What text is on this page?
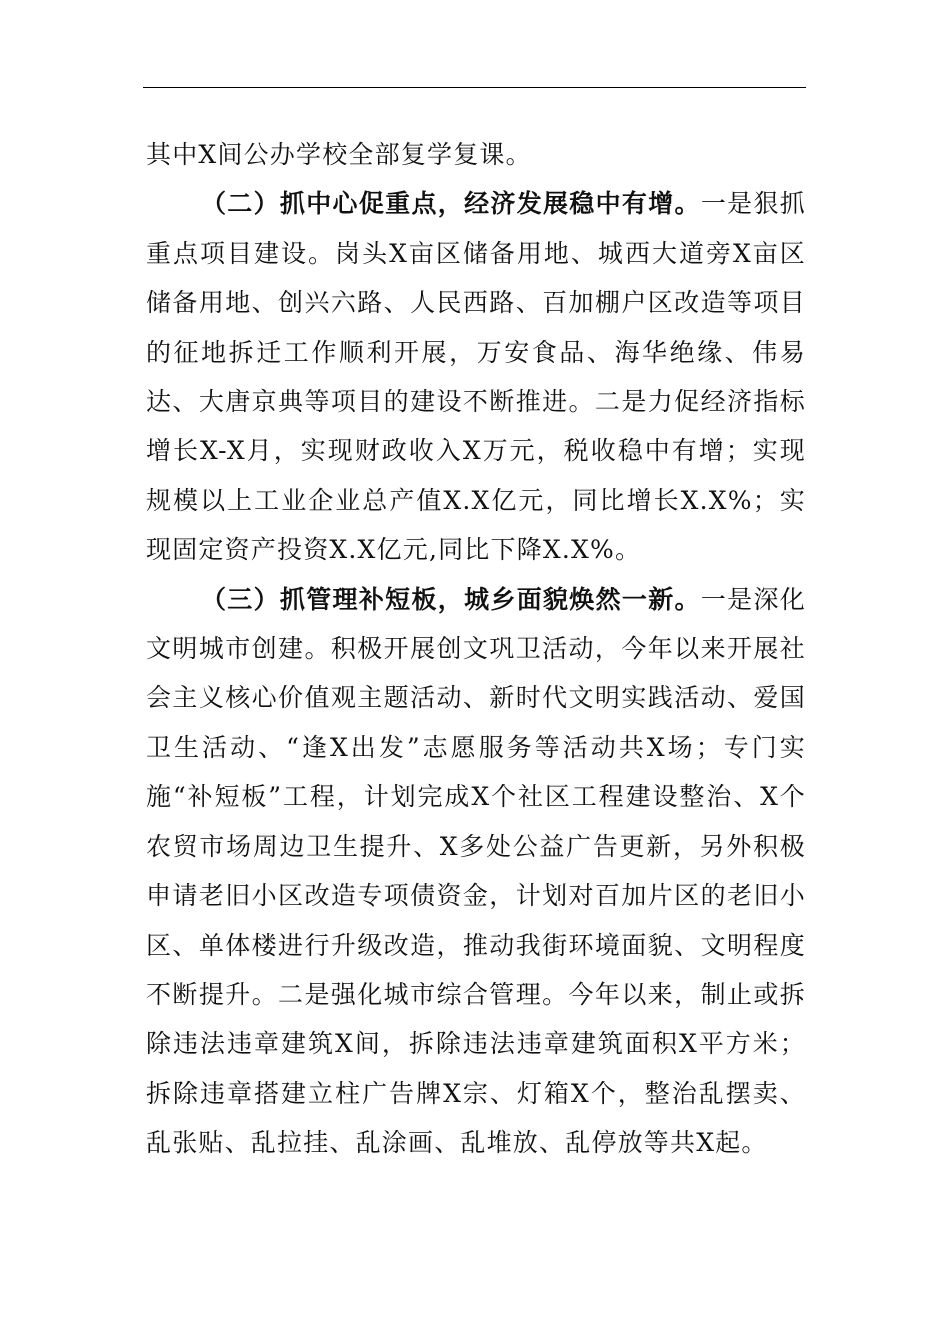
其中X间公办学校全部复学复课。

（二）抓中心促重点，经济发展稳中有增。一是狠抓重点项目建设。岗头X亩区储备用地、城西大道旁X亩区储备用地、创兴六路、人民西路、百加棚户区改造等项目的征地拆迁工作顺利开展，万安食品、海华绝缘、伟易达、大唐京典等项目的建设不断推进。二是力促经济指标增长X-X月，实现财政收入X万元，税收稳中有增；实现规模以上工业企业总产值X.X亿元，同比增长X.X%；实现固定资产投资X.X亿元,同比下降X.X%。

（三）抓管理补短板，城乡面貌焕然一新。一是深化文明城市创建。积极开展创文巩卫活动，今年以来开展社会主义核心价值观主题活动、新时代文明实践活动、爱国卫生活动、“逢X出发”志愿服务等活动共X场；专门实施“补短板”工程，计划完成X个社区工程建设整治、X个农贸市场周边卫生提升、X多处公益广告更新，另外积极申请老旧小区改造专项债资金，计划对百加片区的老旧小区、单体楼进行升级改造，推动我街环境面貌、文明程度不断提升。二是强化城市综合管理。今年以来，制止或拆除违法违章建筑X间，拆除违法违章建筑面积X平方米；拆除违章搭建立柱广告牌X宗、灯箱X个，整治乱摆卖、乱张贴、乱拉挂、乱涂画、乱堆放、乱停放等共X起。
